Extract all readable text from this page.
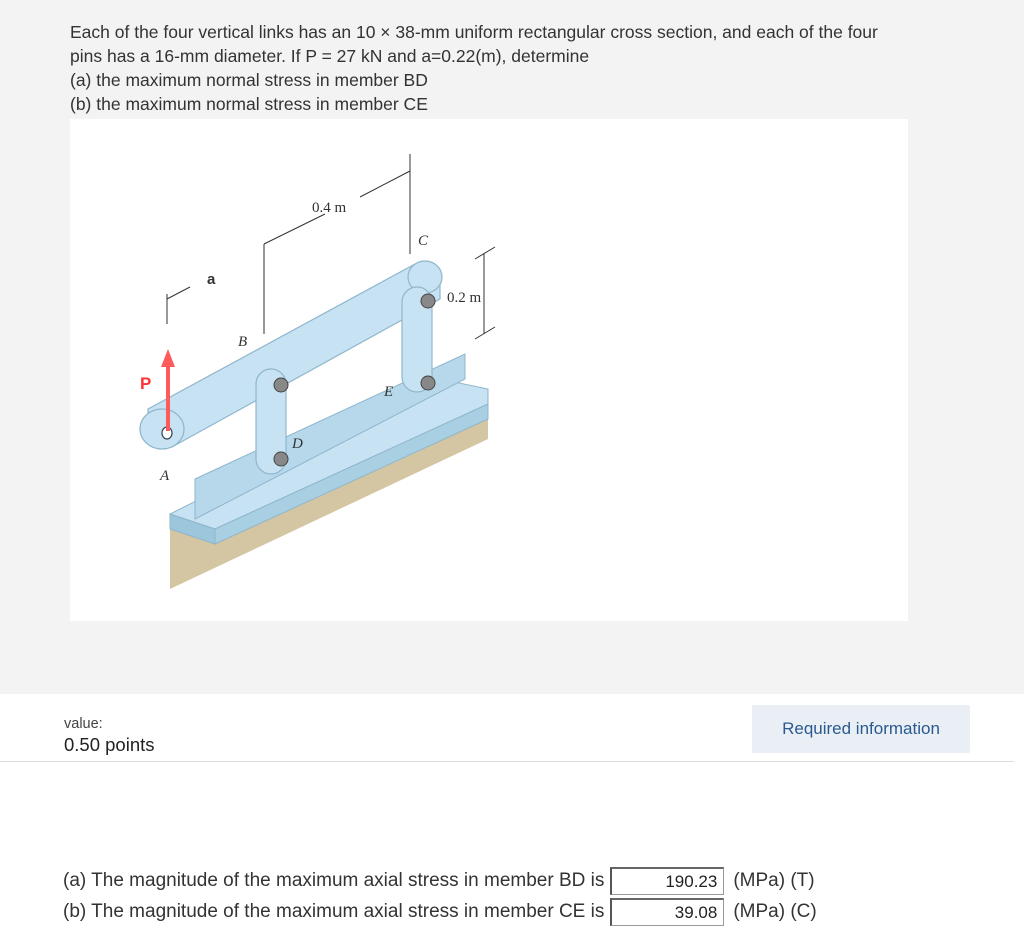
Each of the four vertical links has an 10 × 38-mm uniform rectangular cross section, and each of the four
pins has a 16-mm diameter. If P = 27 kN and a=0.22(m), determine
(a) the maximum normal stress in member BD
(b) the maximum normal stress in member CE
0.4 m
a
0.2 m
P
A
B
C
D
E
value:
0.50 points
Required information
(a) The magnitude of the maximum axial stress in member BD is
190.23	(MPa) (T)
(b) The magnitude of the maximum axial stress in member CE is
39.08	(MPa) (C)
